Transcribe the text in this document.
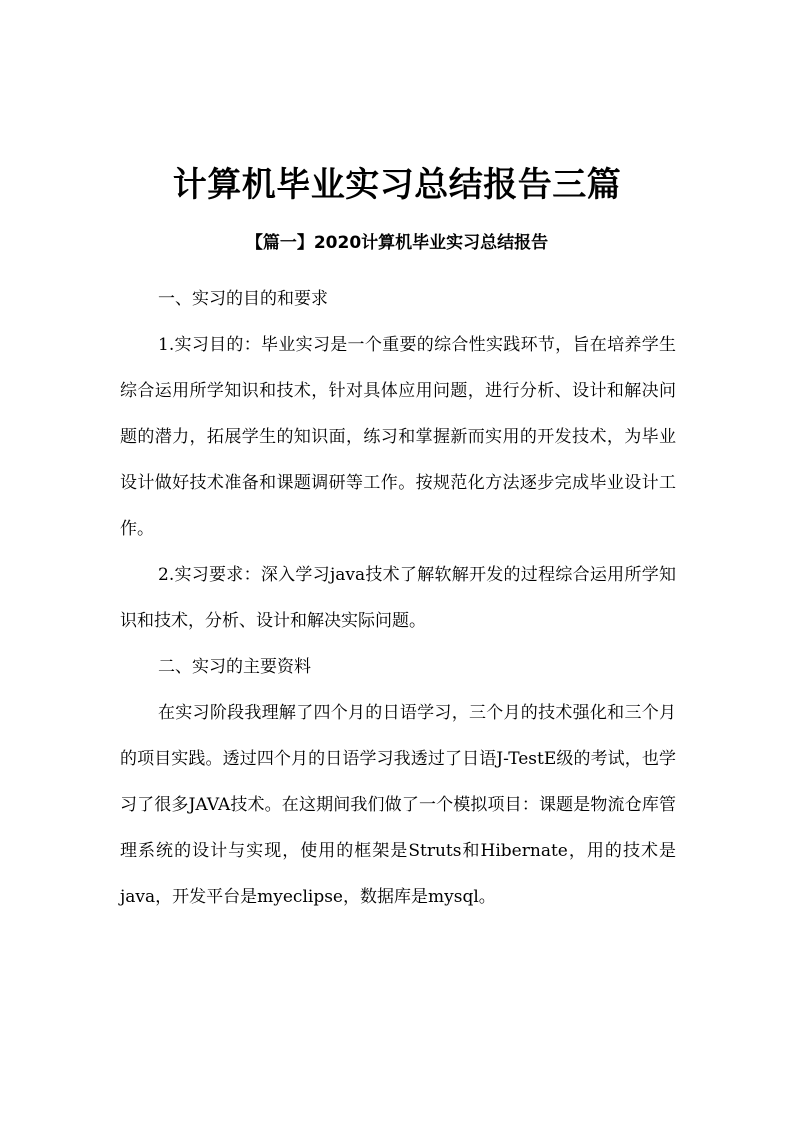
计算机毕业实习总结报告三篇
【篇一】2020计算机毕业实习总结报告

一、实习的目的和要求

1.实习目的：毕业实习是一个重要的综合性实践环节，旨在培养学生综合运用所学知识和技术，针对具体应用问题，进行分析、设计和解决问题的潜力，拓展学生的知识面，练习和掌握新而实用的开发技术，为毕业设计做好技术准备和课题调研等工作。按规范化方法逐步完成毕业设计工作。

2.实习要求：深入学习java技术了解软解开发的过程综合运用所学知识和技术，分析、设计和解决实际问题。

二、实习的主要资料

在实习阶段我理解了四个月的日语学习，三个月的技术强化和三个月的项目实践。透过四个月的日语学习我透过了日语J-TestE级的考试，也学习了很多JAVA技术。在这期间我们做了一个模拟项目：课题是物流仓库管理系统的设计与实现，使用的框架是Struts和Hibernate，用的技术是java，开发平台是myeclipse，数据库是mysql。
